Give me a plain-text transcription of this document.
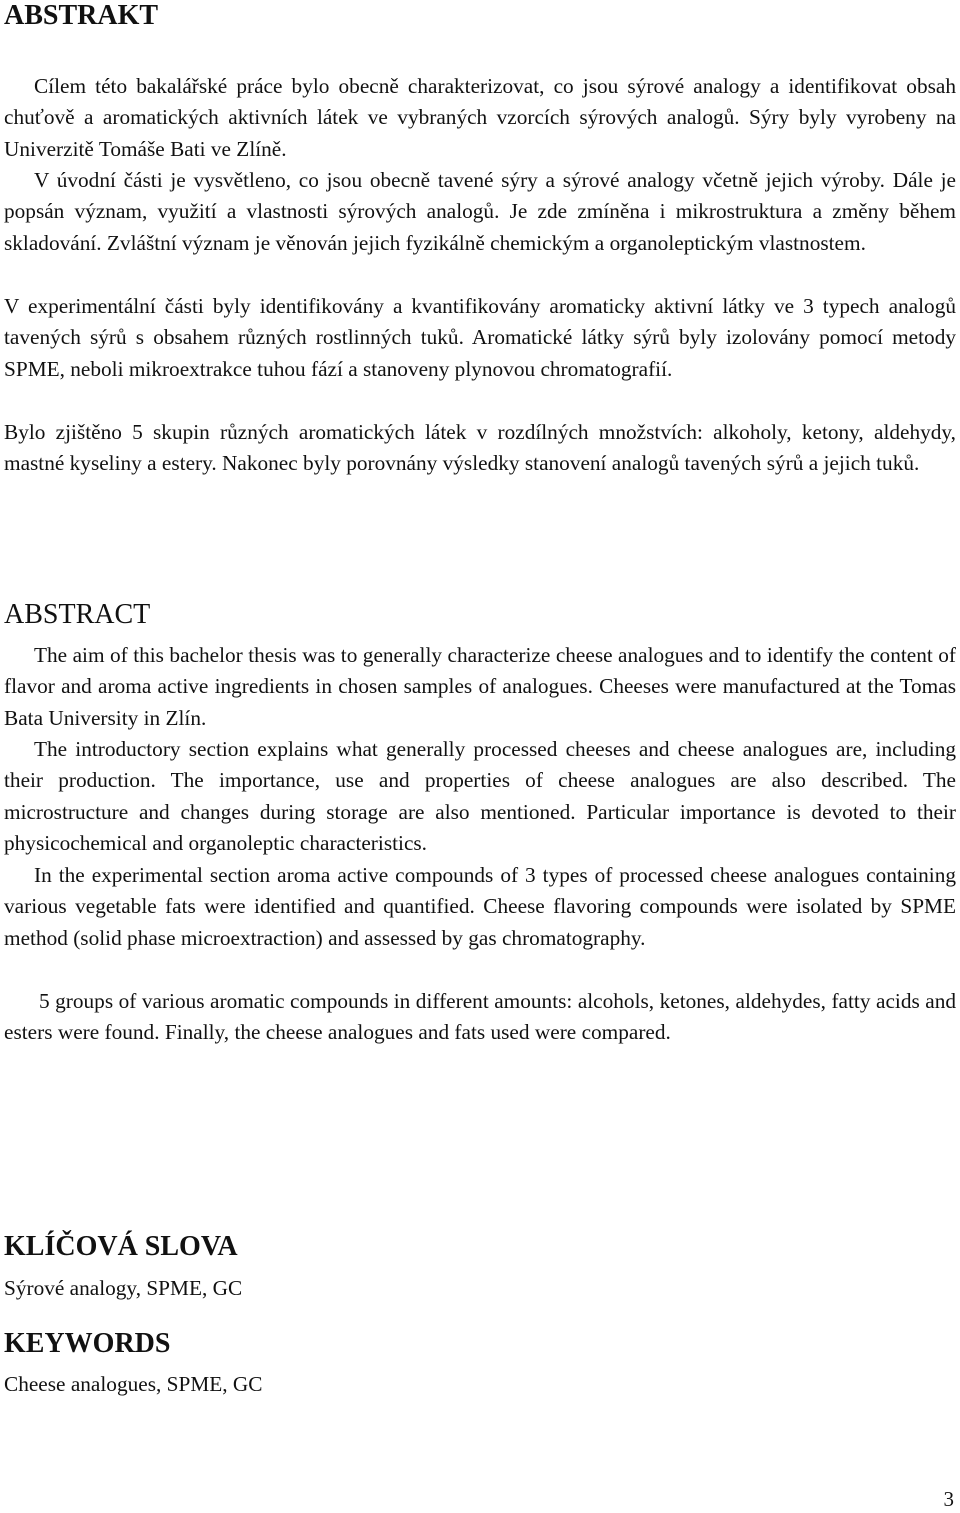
ABSTRAKT

Cílem této bakalářské práce bylo obecně charakterizovat, co jsou sýrové analogy a identifikovat obsah chuťově a aromatických aktivních látek ve vybraných vzorcích sýrových analogů. Sýry byly vyrobeny na Univerzitě Tomáše Bati ve Zlíně.

V úvodní části je vysvětleno, co jsou obecně tavené sýry a sýrové analogy včetně jejich výroby. Dále je popsán význam, využití a vlastnosti sýrových analogů. Je zde zmíněna i mikrostruktura a změny během skladování. Zvláštní význam je věnován jejich fyzikálně chemickým a organoleptickým vlastnostem.

V experimentální části byly identifikovány a kvantifikovány aromaticky aktivní látky ve 3 typech analogů tavených sýrů s obsahem různých rostlinných tuků. Aromatické látky sýrů byly izolovány pomocí metody SPME, neboli mikroextrakce tuhou fází a stanoveny plynovou chromatografií.

Bylo zjištěno 5 skupin různých aromatických látek v rozdílných množstvích: alkoholy, ketony, aldehydy, mastné kyseliny a estery. Nakonec byly porovnány výsledky stanovení analogů tavených sýrů a jejich tuků.

ABSTRACT

The aim of this bachelor thesis was to generally characterize cheese analogues and to identify the content of flavor and aroma active ingredients in chosen samples of analogues. Cheeses were manufactured at the Tomas Bata University in Zlín.

The introductory section explains what generally processed cheeses and cheese analogues are, including their production. The importance, use and properties of cheese analogues are also described. The microstructure and changes during storage are also mentioned. Particular importance is devoted to their physicochemical and organoleptic characteristics.

In the experimental section aroma active compounds of 3 types of processed cheese analogues containing various vegetable fats were identified and quantified. Cheese flavoring compounds were isolated by SPME method (solid phase microextraction) and assessed by gas chromatography.

5 groups of various aromatic compounds in different amounts: alcohols, ketones, aldehydes, fatty acids and esters were found. Finally, the cheese analogues and fats used were compared.

KLÍČOVÁ SLOVA

Sýrové analogy, SPME, GC

KEYWORDS

Cheese analogues, SPME, GC

3
